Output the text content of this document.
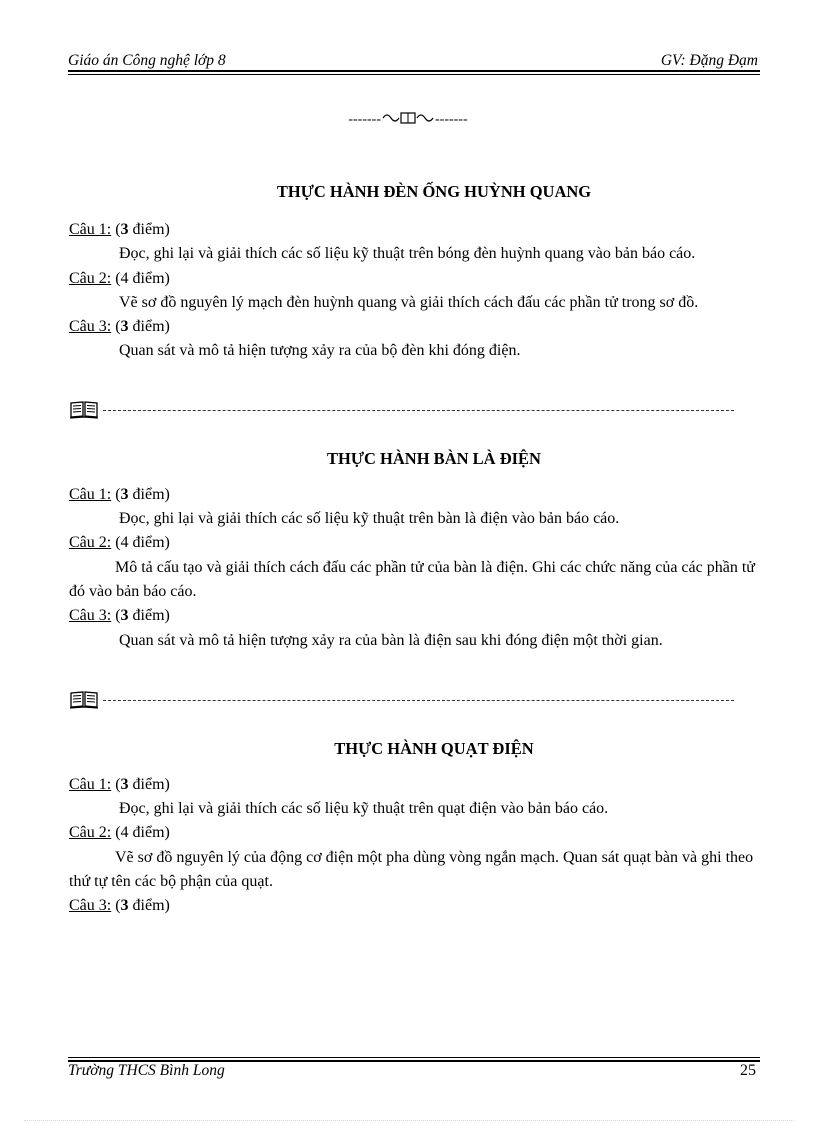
Giáo án Công nghệ lớp 8	GV: Đặng Đạm
-------	-------
THỰC HÀNH ĐÈN ỐNG HUỲNH QUANG

Câu 1: (3 điểm)

Đọc, ghi lại và giải thích các số liệu kỹ thuật trên bóng đèn huỳnh quang vào bản báo cáo.

Câu 2: (4 điểm)

Vẽ sơ đồ nguyên lý mạch đèn huỳnh quang và giải thích cách đấu các phần tử trong sơ đồ.

Câu 3: (3 điểm)

Quan sát và mô tả hiện tượng xảy ra của bộ đèn khi đóng điện.

THỰC HÀNH BÀN LÀ ĐIỆN

Câu 1: (3 điểm)

Đọc, ghi lại và giải thích các số liệu kỹ thuật trên bàn là điện vào bản báo cáo.

Câu 2: (4 điểm)

Mô tả cấu tạo và giải thích cách đấu các phần tử của bàn là điện. Ghi các chức năng của các phần tử đó vào bản báo cáo.

Câu 3: (3 điểm)

Quan sát và mô tả hiện tượng xảy ra của bàn là điện sau khi đóng điện một thời gian.

THỰC HÀNH QUẠT ĐIỆN

Câu 1: (3 điểm)

Đọc, ghi lại và giải thích các số liệu kỹ thuật trên quạt điện vào bản báo cáo.

Câu 2: (4 điểm)

Vẽ sơ đồ nguyên lý của động cơ điện một pha dùng vòng ngắn mạch. Quan sát quạt bàn và ghi theo thứ tự tên các bộ phận của quạt.

Câu 3: (3 điểm)

Trường THCS Bình Long	25
